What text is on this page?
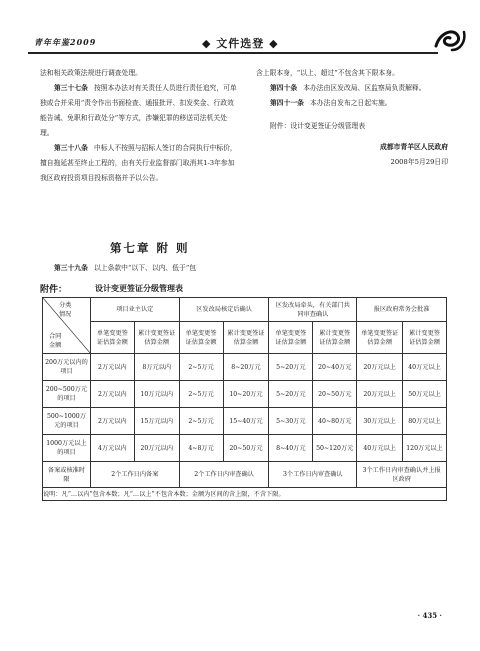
青年年鉴2009	◆ 文件选登 ◆

法和相关政策法规进行调查处理。

第三十七条 按照本办法对有关责任人员进行责任追究，可单独或合并采用“责令作出书面检查、通报批评、扣发奖金、行政效能告诫、免职和行政处分”等方式，涉嫌犯罪的移送司法机关处理。

第三十八条 中标人不按照与招标人签订的合同执行中标价，擅自拖延甚至终止工程的，由有关行业监督部门取消其1-3年参加我区政府投资项目投标资格并予以公告。

含上限本身，“以上、超过”不包含其下限本身。

第四十条 本办法由区发改局、区监察局负责解释。

第四十一条 本办法自发布之日起实施。

附件：设计变更签证分级管理表

成都市青羊区人民政府

2008年5月29日印

第七章 附 则

第三十九条 以上条款中“以下、以内、低于”包

附件：	设计变更签证分级管理表
分类
情况
合同
金额	项目业主认定		区发改局核定后确认		区发改局牵头，有关部门共同审查确认		报区政府常务会批准	
	单笔变更签证估算金额	累计变更签证估算金额	单笔变更签证估算金额	累计变更签证估算金额	单笔变更签证估算金额	累计变更签证估算金额	单笔变更签证估算金额	累计变更签证估算金额
200万元以内的项目	2万元以内	8万元以内	2~5万元	8~20万元	5~20万元	20~40万元	20万元以上	40万元以上
200~500万元的项目	2万元以内	10万元以内	2~5万元	10~20万元	5~20万元	20~50万元	20万元以上	50万元以上
500~1000万元的项目	2万元以内	15万元以内	2~5万元	15~40万元	5~30万元	40~80万元	30万元以上	80万元以上
1000万元以上的项目	4万元以内	20万元以内	4~8万元	20~50万元	8~40万元	50~120万元	40万元以上	120万元以上
备案或核准时限	2个工作日内备案		2个工作日内审查确认		3个工作日内审查确认		3个工作日内审查确认并上报区政府	
说明：凡“…以内”包含本数；凡“…以上”不包含本数；金额为区间的含上限，不含下限。								
· 435 ·
